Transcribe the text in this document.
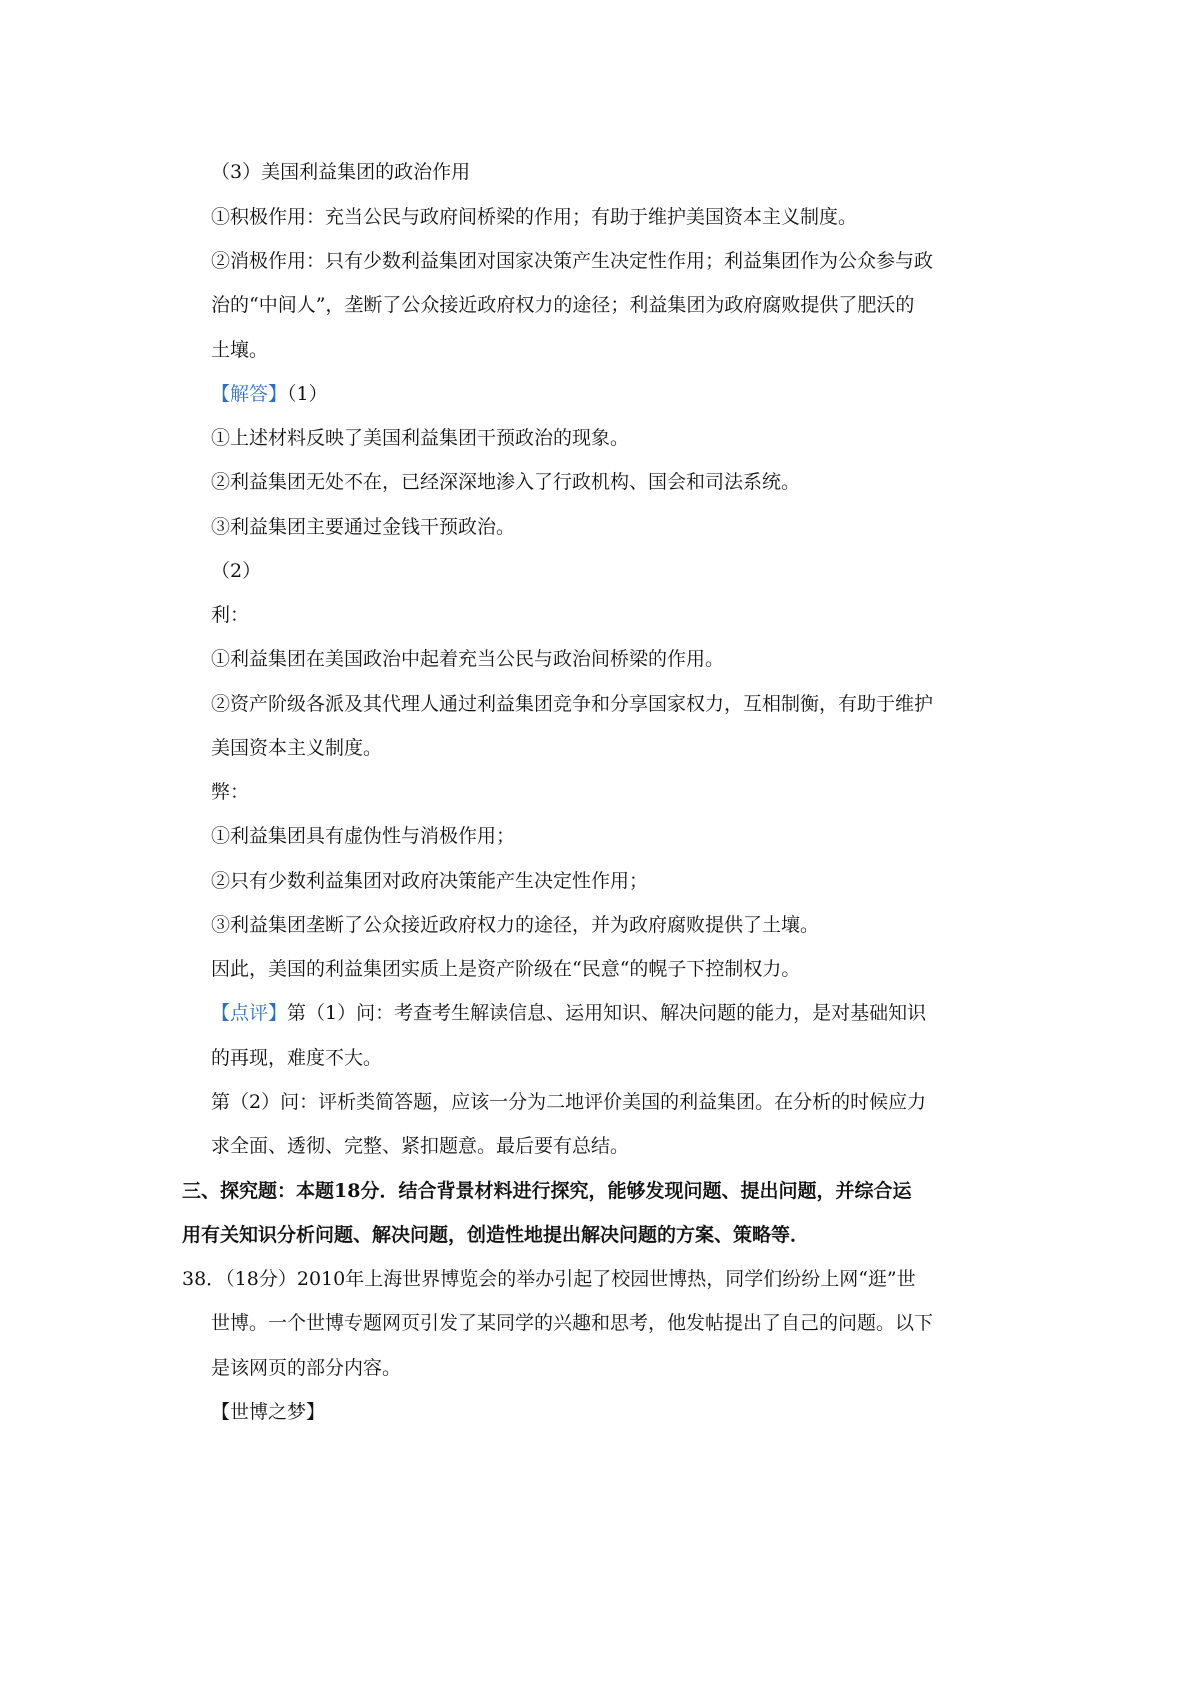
（3）美国利益集团的政治作用
①积极作用：充当公民与政府间桥梁的作用；有助于维护美国资本主义制度。
②消极作用：只有少数利益集团对国家决策产生决定性作用；利益集团作为公众参与政
治的“中间人”，垄断了公众接近政府权力的途径；利益集团为政府腐败提供了肥沃的
土壤。
【解答】（1）
①上述材料反映了美国利益集团干预政治的现象。
②利益集团无处不在，已经深深地渗入了行政机构、国会和司法系统。
③利益集团主要通过金钱干预政治。
（2）
利：
①利益集团在美国政治中起着充当公民与政治间桥梁的作用。
②资产阶级各派及其代理人通过利益集团竞争和分享国家权力，互相制衡，有助于维护
美国资本主义制度。
弊：
①利益集团具有虚伪性与消极作用；
②只有少数利益集团对政府决策能产生决定性作用；
③利益集团垄断了公众接近政府权力的途径，并为政府腐败提供了土壤。
因此，美国的利益集团实质上是资产阶级在“民意“的幌子下控制权力。
【点评】第（1）问：考查考生解读信息、运用知识、解决问题的能力，是对基础知识
的再现，难度不大。
第（2）问：评析类简答题，应该一分为二地评价美国的利益集团。在分析的时候应力
求全面、透彻、完整、紧扣题意。最后要有总结。
三、探究题：本题18分．结合背景材料进行探究，能够发现问题、提出问题，并综合运
用有关知识分析问题、解决问题，创造性地提出解决问题的方案、策略等．
38．（18分）2010年上海世界博览会的举办引起了校园世博热，同学们纷纷上网“逛”世
世博。一个世博专题网页引发了某同学的兴趣和思考，他发帖提出了自己的问题。以下
是该网页的部分内容。
【世博之梦】
